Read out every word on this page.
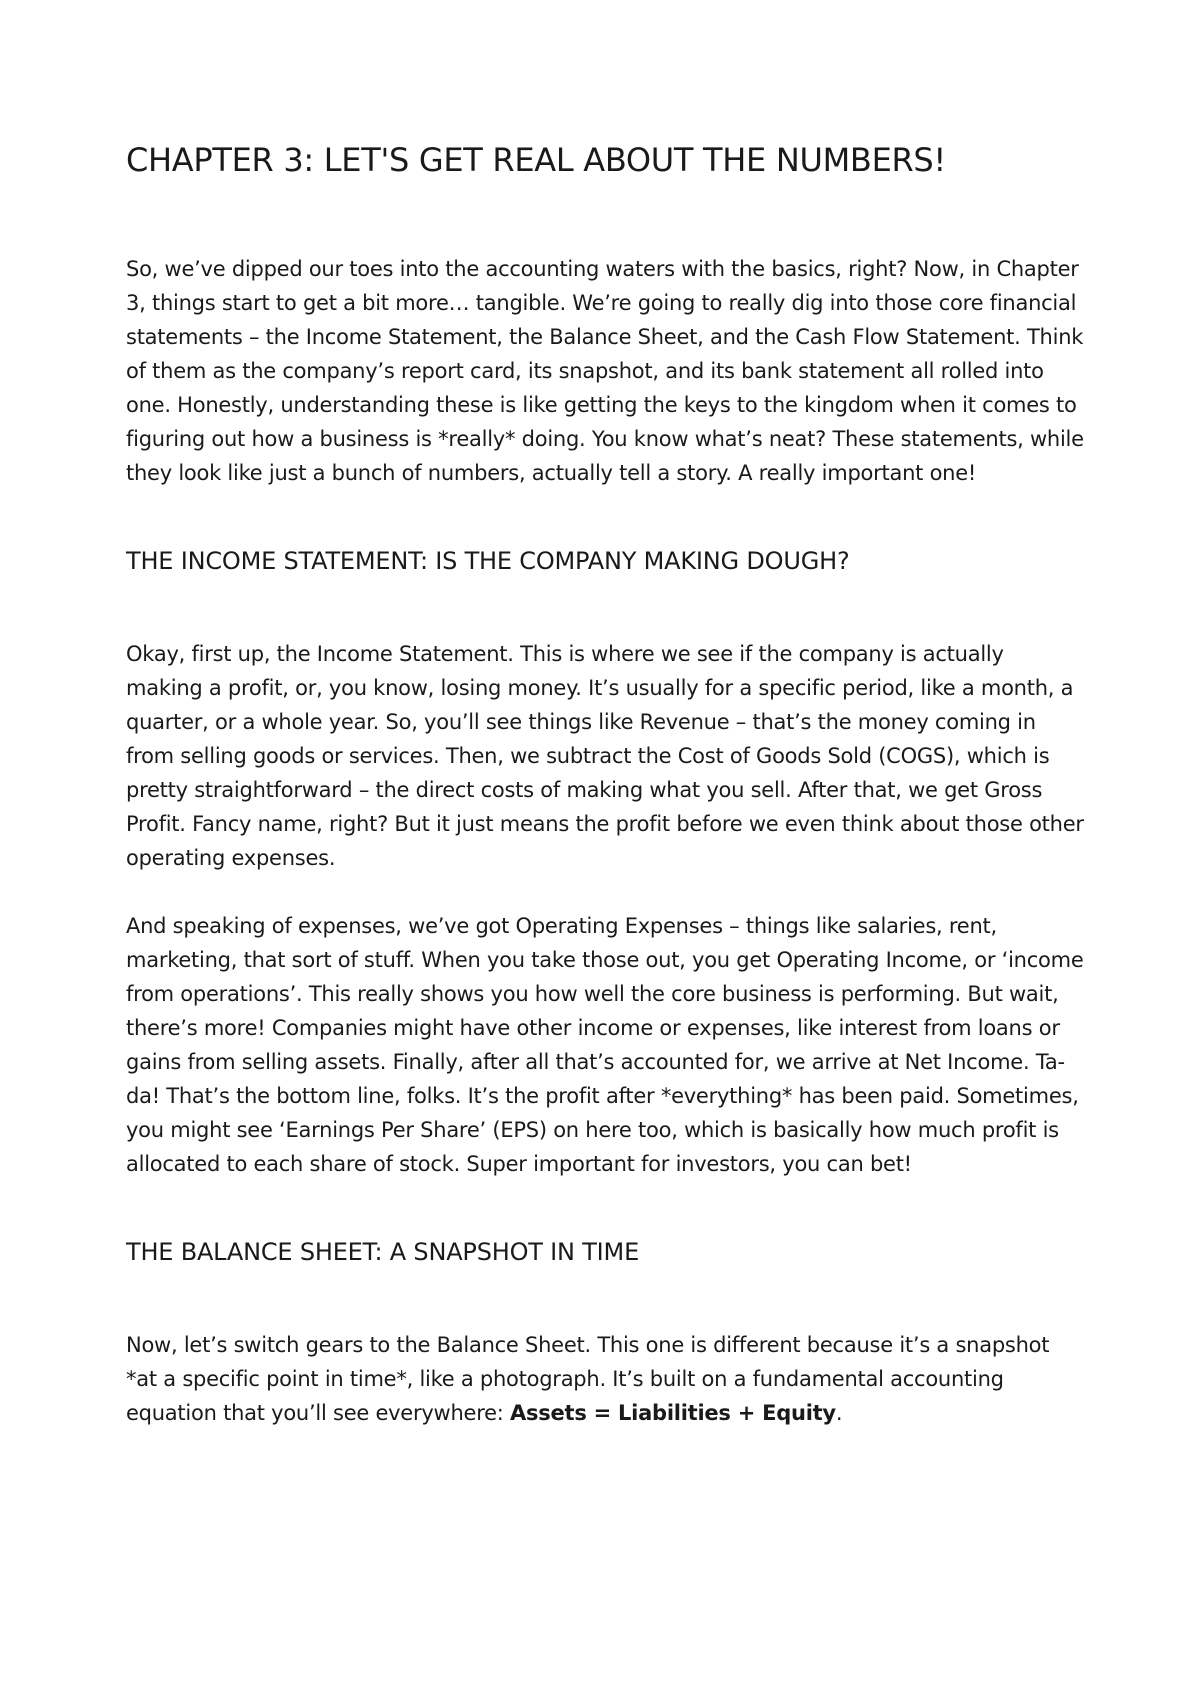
CHAPTER 3: LET'S GET REAL ABOUT THE NUMBERS!

So, we’ve dipped our toes into the accounting waters with the basics, right? Now, in Chapter 3, things start to get a bit more… tangible. We’re going to really dig into those core financial statements – the Income Statement, the Balance Sheet, and the Cash Flow Statement. Think of them as the company’s report card, its snapshot, and its bank statement all rolled into one. Honestly, understanding these is like getting the keys to the kingdom when it comes to figuring out how a business is *really* doing. You know what’s neat? These statements, while they look like just a bunch of numbers, actually tell a story. A really important one!

THE INCOME STATEMENT: IS THE COMPANY MAKING DOUGH?

Okay, first up, the Income Statement. This is where we see if the company is actually making a profit, or, you know, losing money. It’s usually for a specific period, like a month, a quarter, or a whole year. So, you’ll see things like Revenue – that’s the money coming in from selling goods or services. Then, we subtract the Cost of Goods Sold (COGS), which is pretty straightforward – the direct costs of making what you sell. After that, we get Gross Profit. Fancy name, right? But it just means the profit before we even think about those other operating expenses.

And speaking of expenses, we’ve got Operating Expenses – things like salaries, rent, marketing, that sort of stuff. When you take those out, you get Operating Income, or ‘income from operations’. This really shows you how well the core business is performing. But wait, there’s more! Companies might have other income or expenses, like interest from loans or gains from selling assets. Finally, after all that’s accounted for, we arrive at Net Income. Ta-da! That’s the bottom line, folks. It’s the profit after *everything* has been paid. Sometimes, you might see ‘Earnings Per Share’ (EPS) on here too, which is basically how much profit is allocated to each share of stock. Super important for investors, you can bet!

THE BALANCE SHEET: A SNAPSHOT IN TIME

Now, let’s switch gears to the Balance Sheet. This one is different because it’s a snapshot *at a specific point in time*, like a photograph. It’s built on a fundamental accounting equation that you’ll see everywhere: Assets = Liabilities + Equity.
